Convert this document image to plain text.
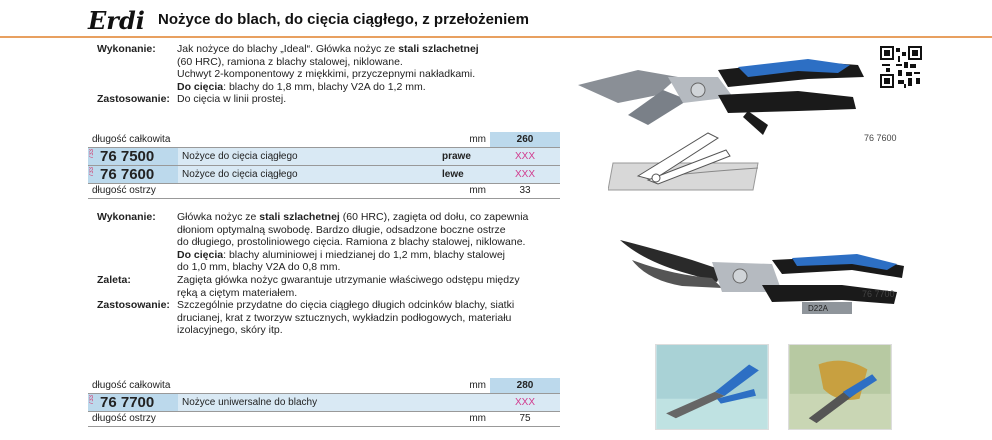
Erdi Nożyce do blach, do cięcia ciągłego, z przełożeniem
Wykonanie:	Jak nożyce do blachy „Ideal“. Główka nożyc ze stali szlachetnej
(60 HRC), ramiona z blachy stalowej, niklowane.
Uchwyt 2-komponentowy z miękkimi, przyczepnymi nakładkami.
Do cięcia: blachy do 1,8 mm, blachy V2A do 1,2 mm.
Zastosowanie: Do cięcia w linii prostej.
długość całkowita		mm	260

733 76 7500	Nożyce do cięcia ciągłego	prawe	XXX

733 76 7600	Nożyce do cięcia ciągłego	lewe	XXX
długość ostrzy		mm	33
Wykonanie:	Główka nożyc ze stali szlachetnej (60 HRC), zagięta od dołu, co zapewnia
dłoniom optymalną swobodę. Bardzo długie, odsadzone boczne ostrze
do długiego, prostoliniowego cięcia. Ramiona z blachy stalowej, niklowane.
Do cięcia: blachy aluminiowej i miedzianej do 1,2 mm, blachy stalowej
do 1,0 mm, blachy V2A do 0,8 mm.
Zaleta:	Zagięta główka nożyc gwarantuje utrzymanie właściwego odstępu między
ręką a ciętym materiałem.
Zastosowanie: Szczególnie przydatne do cięcia ciągłego długich odcinków blachy, siatki
drucianej, krat z tworzyw sztucznych, wykładzin podłogowych, materiału
izolacyjnego, skóry itp.
długość całkowita		mm	280

733 76 7700	Nożyce uniwersalne do blachy		XXX
długość ostrzy		mm	75
76 7600
D22A
76 7700
